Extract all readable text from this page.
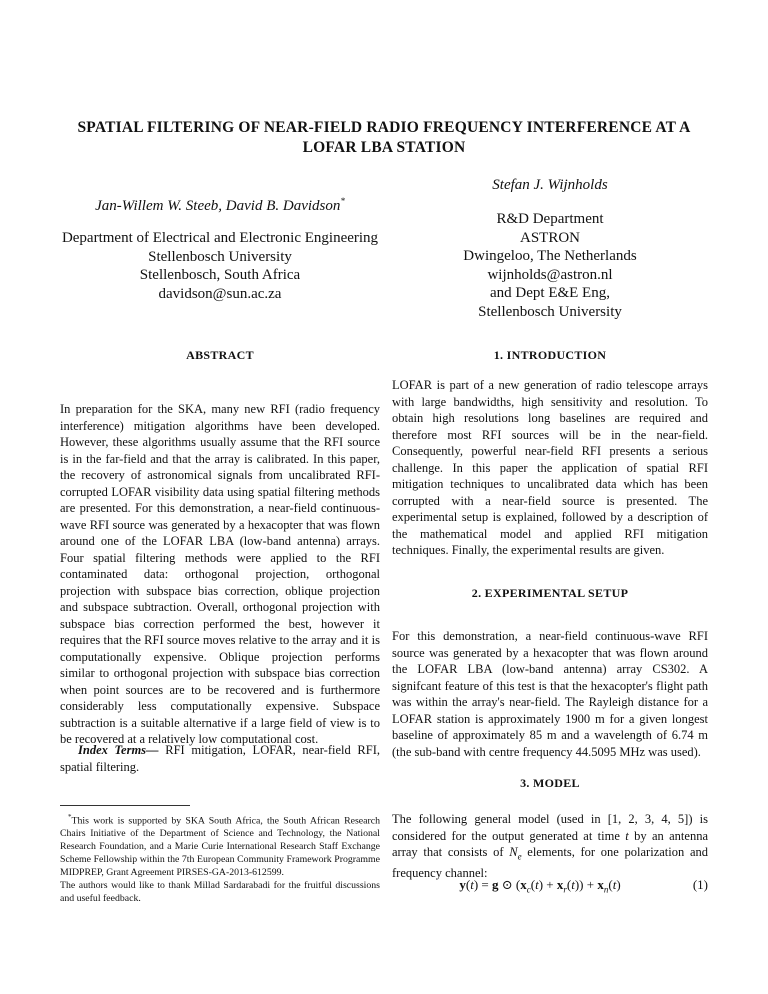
SPATIAL FILTERING OF NEAR-FIELD RADIO FREQUENCY INTERFERENCE AT A LOFAR LBA STATION
Jan-Willem W. Steeb, David B. Davidson*
Department of Electrical and Electronic Engineering
Stellenbosch University
Stellenbosch, South Africa
davidson@sun.ac.za
Stefan J. Wijnholds
R&D Department
ASTRON
Dwingeloo, The Netherlands
wijnholds@astron.nl
and Dept E&E Eng,
Stellenbosch University
ABSTRACT
In preparation for the SKA, many new RFI (radio frequency interference) mitigation algorithms have been developed. However, these algorithms usually assume that the RFI source is in the far-field and that the array is calibrated. In this paper, the recovery of astronomical signals from uncalibrated RFI-corrupted LOFAR visibility data using spatial filtering methods are presented. For this demonstration, a near-field continuous-wave RFI source was generated by a hexacopter that was flown around one of the LOFAR LBA (low-band antenna) arrays. Four spatial filtering methods were applied to the RFI contaminated data: orthogonal projection, orthogonal projection with subspace bias correction, oblique projection and subspace subtraction. Overall, orthogonal projection with subspace bias correction performed the best, however it requires that the RFI source moves relative to the array and it is computationally expensive. Oblique projection performs similar to orthogonal projection with subspace bias correction when point sources are to be recovered and is furthermore considerably less computationally expensive. Subspace subtraction is a suitable alternative if a large field of view is to be recovered at a relatively low computational cost.
Index Terms— RFI mitigation, LOFAR, near-field RFI, spatial filtering.
*This work is supported by SKA South Africa, the South African Research Chairs Initiative of the Department of Science and Technology, the National Research Foundation, and a Marie Curie International Research Staff Exchange Scheme Fellowship within the 7th European Community Framework Programme MIDPREP, Grant Agreement PIRSES-GA-2013-612599.
The authors would like to thank Millad Sardarabadi for the fruitful discussions and useful feedback.
1. INTRODUCTION
LOFAR is part of a new generation of radio telescope arrays with large bandwidths, high sensitivity and resolution. To obtain high resolutions long baselines are required and therefore most RFI sources will be in the near-field. Consequently, powerful near-field RFI presents a serious challenge. In this paper the application of spatial RFI mitigation techniques to uncalibrated data which has been corrupted with a near-field source is presented. The experimental setup is explained, followed by a description of the mathematical model and applied RFI mitigation techniques. Finally, the experimental results are given.
2. EXPERIMENTAL SETUP
For this demonstration, a near-field continuous-wave RFI source was generated by a hexacopter that was flown around the LOFAR LBA (low-band antenna) array CS302. A signifcant feature of this test is that the hexacopter's flight path was within the array's near-field. The Rayleigh distance for a LOFAR station is approximately 1900 m for a given longest baseline of approximately 85 m and a wavelength of 6.74 m (the sub-band with centre frequency 44.5095 MHz was used).
3. MODEL
The following general model (used in [1, 2, 3, 4, 5]) is considered for the output generated at time t by an antenna array that consists of $N_e$ elements, for one polarization and frequency channel:
y(t) = g ⊙ $(x_c(t) + x_r(t)) + x_n(t)$	(1)
